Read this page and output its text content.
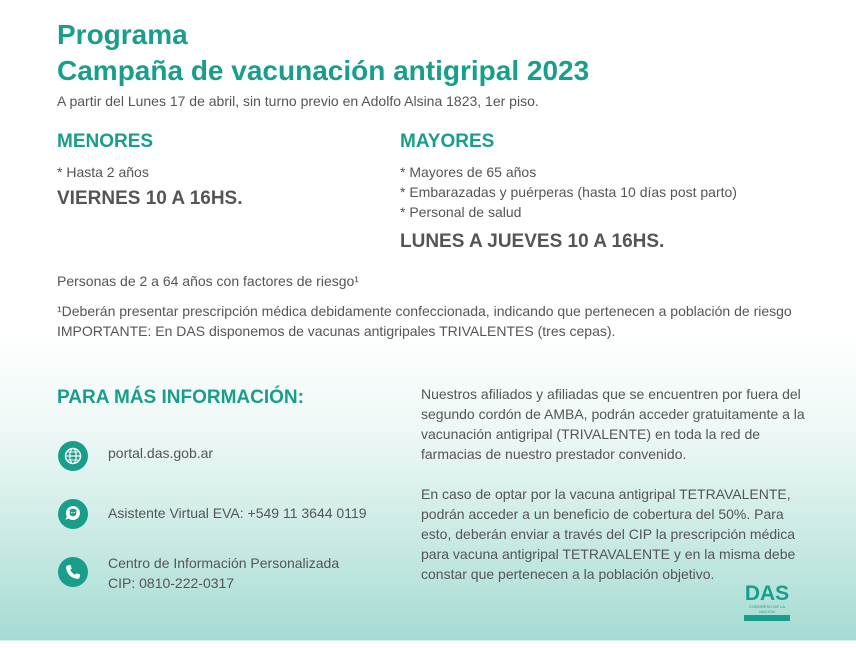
Programa
Campaña de vacunación antigripal 2023
A partir del Lunes 17 de abril, sin turno previo en Adolfo Alsina 1823, 1er piso.
MENORES
* Hasta 2 años
VIERNES 10 A 16HS.
MAYORES
* Mayores de 65 años
* Embarazadas y puérperas (hasta 10 días post parto)
* Personal de salud
LUNES A JUEVES 10 A 16HS.
Personas de 2 a 64 años con factores de riesgo¹
¹Deberán presentar prescripción médica debidamente confeccionada, indicando que pertenecen a población de riesgo
IMPORTANTE: En DAS disponemos de vacunas antigripales TRIVALENTES (tres cepas).
PARA MÁS INFORMACIÓN:
portal.das.gob.ar
Asistente Virtual EVA: +549 11 3644 0119
Centro de Información Personalizada
CIP: 0810-222-0317

Nuestros afiliados y afiliadas que se encuentren por fuera del

segundo cordón de AMBA, podrán acceder gratuitamente a la

vacunación antigripal (TRIVALENTE) en toda la red de

farmacias de nuestro prestador convenido.

En caso de optar por la vacuna antigripal TETRAVALENTE,

podrán acceder a un beneficio de cobertura del 50%. Para

esto, deberán enviar a través del CIP la prescripción médica

para vacuna antigripal TETRAVALENTE y en la misma debe

constar que pertenecen a la población objetivo.

DAS
CONGRESO DE LA NACIÓN
